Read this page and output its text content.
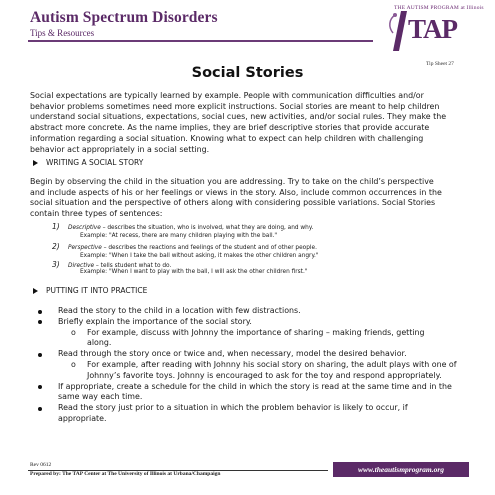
Autism Spectrum Disorders
Tips & Resources
THE AUTISM PROGRAM at Illinois
TAP
Tip Sheet 27
Social Stories

Social expectations are typically learned by example. People with communication difficulties and/or

behavior problems sometimes need more explicit instructions. Social stories are meant to help children

understand social situations, expectations, social cues, new activities, and/or social rules. They make the

abstract more concrete. As the name implies, they are brief descriptive stories that provide accurate

information regarding a social situation. Knowing what to expect can help children with challenging

behavior act appropriately in a social setting.

WRITING A SOCIAL STORY

Begin by observing the child in the situation you are addressing. Try to take on the child’s perspective

and include aspects of his or her feelings or views in the story. Also, include common occurrences in the

social situation and the perspective of others along with considering possible variations. Social Stories

contain three types of sentences:

1) Descriptive – describes the situation, who is involved, what they are doing, and why.
Example: "At recess, there are many children playing with the ball."
2) Perspective – describes the reactions and feelings of the student and of other people.
Example: "When I take the ball without asking, it makes the other children angry."
3) Directive – tells student what to do.
Example: "When I want to play with the ball, I will ask the other children first."
PUTTING IT INTO PRACTICE
Read the story to the child in a location with few distractions.
Briefly explain the importance of the social story.
o For example, discuss with Johnny the importance of sharing – making friends, getting
along.
Read through the story once or twice and, when necessary, model the desired behavior.
o For example, after reading with Johnny his social story on sharing, the adult plays with one of
Johnny’s favorite toys. Johnny is encouraged to ask for the toy and respond appropriately.
If appropriate, create a schedule for the child in which the story is read at the same time and in the
same way each time.
Read the story just prior to a situation in which the problem behavior is likely to occur, if
appropriate.
Rev 0612
Prepared by: The TAP Center at The University of Illinois at Urbana/Champaign	www.theautismprogram.org
